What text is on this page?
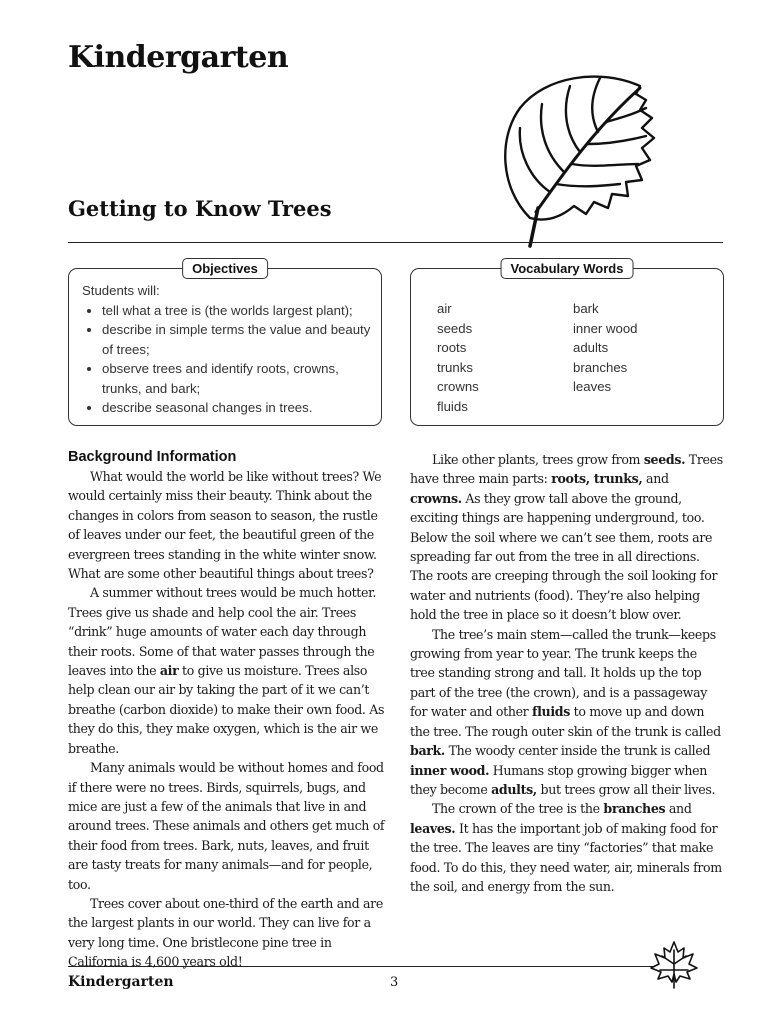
Kindergarten
Getting to Know Trees
Objectives
Students will:
• tell what a tree is (the worlds largest plant);
• describe in simple terms the value and beauty of trees;
• observe trees and identify roots, crowns, trunks, and bark;
• describe seasonal changes in trees.
Vocabulary Words
air
seeds
roots
trunks
crowns
fluids
bark
inner wood
adults
branches
leaves
Background Information

What would the world be like without trees? We would certainly miss their beauty. Think about the changes in colors from season to season, the rustle of leaves under our feet, the beautiful green of the evergreen trees standing in the white winter snow. What are some other beautiful things about trees?

A summer without trees would be much hotter. Trees give us shade and help cool the air. Trees “drink” huge amounts of water each day through their roots. Some of that water passes through the leaves into the air to give us moisture. Trees also help clean our air by taking the part of it we can’t breathe (carbon dioxide) to make their own food. As they do this, they make oxygen, which is the air we breathe.

Many animals would be without homes and food if there were no trees. Birds, squirrels, bugs, and mice are just a few of the animals that live in and around trees. These animals and others get much of their food from trees. Bark, nuts, leaves, and fruit are tasty treats for many animals—and for people, too.

Trees cover about one-third of the earth and are the largest plants in our world. They can live for a very long time. One bristlecone pine tree in California is 4,600 years old!

Like other plants, trees grow from seeds. Trees have three main parts: roots, trunks, and crowns. As they grow tall above the ground, exciting things are happening underground, too. Below the soil where we can’t see them, roots are spreading far out from the tree in all directions. The roots are creeping through the soil looking for water and nutrients (food). They’re also helping hold the tree in place so it doesn’t blow over.

The tree’s main stem—called the trunk—keeps growing from year to year. The trunk keeps the tree standing strong and tall. It holds up the top part of the tree (the crown), and is a passageway for water and other fluids to move up and down the tree. The rough outer skin of the trunk is called bark. The woody center inside the trunk is called inner wood. Humans stop growing bigger when they become adults, but trees grow all their lives.

The crown of the tree is the branches and leaves. It has the important job of making food for the tree. The leaves are tiny “factories” that make food. To do this, they need water, air, minerals from the soil, and energy from the sun.

Kindergarten	3
